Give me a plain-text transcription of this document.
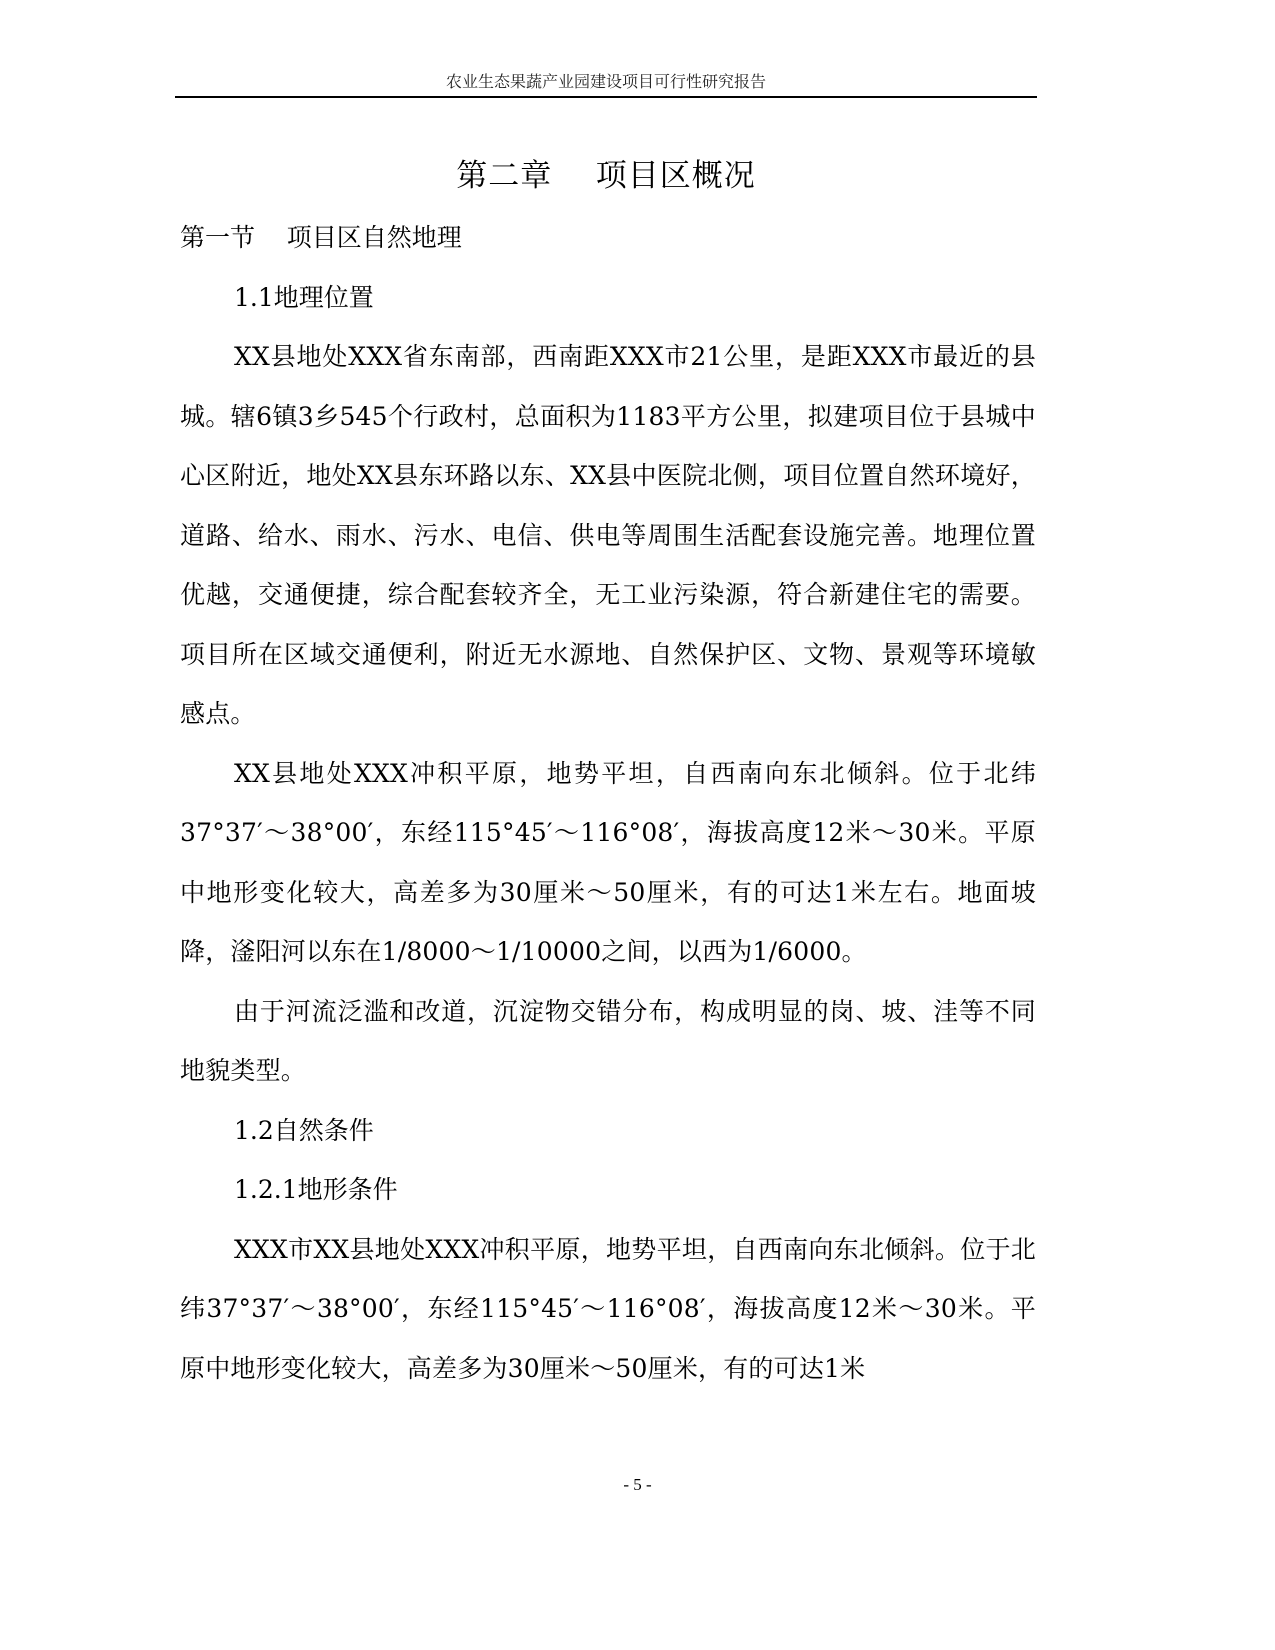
农业生态果蔬产业园建设项目可行性研究报告
第二章    项目区概况

第一节    项目区自然地理

1.1地理位置

XX县地处XXX省东南部，西南距XXX市21公里，是距XXX市最近的县城。辖6镇3乡545个行政村，总面积为1183平方公里，拟建项目位于县城中心区附近，地处XX县东环路以东、XX县中医院北侧，项目位置自然环境好，道路、给水、雨水、污水、电信、供电等周围生活配套设施完善。地理位置优越，交通便捷，综合配套较齐全，无工业污染源，符合新建住宅的需要。项目所在区域交通便利，附近无水源地、自然保护区、文物、景观等环境敏感点。

XX县地处XXX冲积平原，地势平坦，自西南向东北倾斜。位于北纬37°37′～38°00′，东经115°45′～116°08′，海拔高度12米～30米。平原中地形变化较大，高差多为30厘米～50厘米，有的可达1米左右。地面坡降，滏阳河以东在1/8000～1/10000之间，以西为1/6000。

由于河流泛滥和改道，沉淀物交错分布，构成明显的岗、坡、洼等不同地貌类型。

1.2自然条件

1.2.1地形条件

XXX市XX县地处XXX冲积平原，地势平坦，自西南向东北倾斜。位于北纬37°37′～38°00′，东经115°45′～116°08′，海拔高度12米～30米。平原中地形变化较大，高差多为30厘米～50厘米，有的可达1米

- 5 -
